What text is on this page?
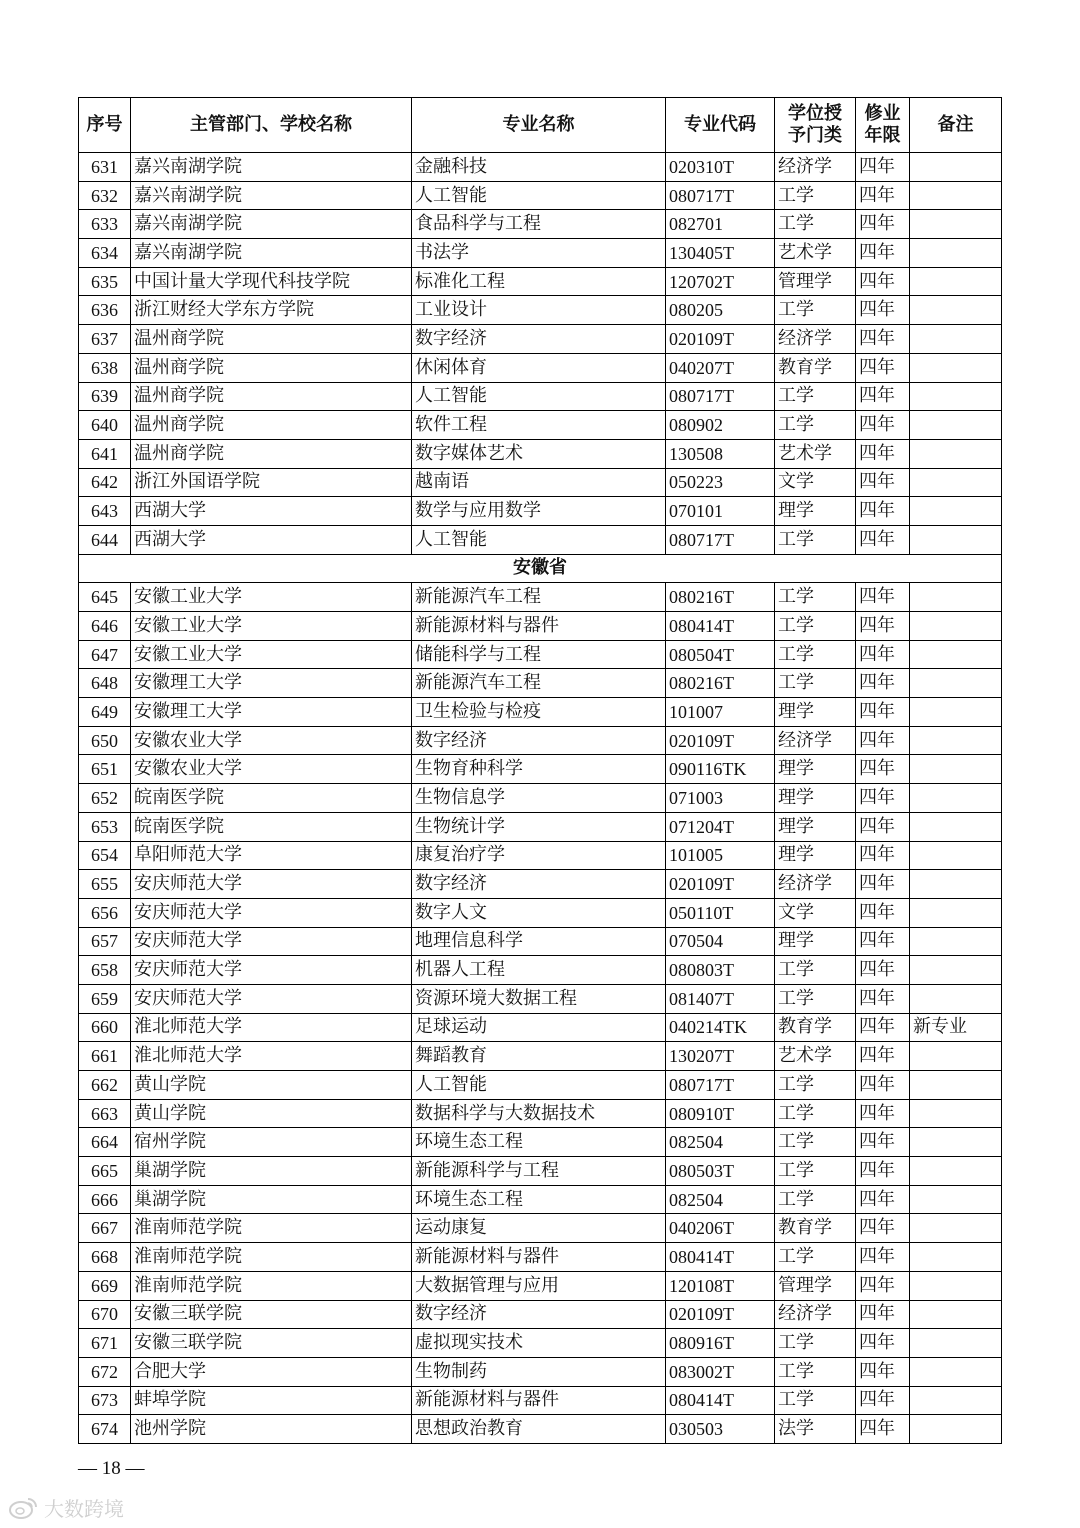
序号	主管部门、学校名称	专业名称	专业代码	学位授
予门类	修业
年限	备注
631	嘉兴南湖学院	金融科技	020310T	经济学	四年	
632	嘉兴南湖学院	人工智能	080717T	工学	四年	
633	嘉兴南湖学院	食品科学与工程	082701	工学	四年	
634	嘉兴南湖学院	书法学	130405T	艺术学	四年	
635	中国计量大学现代科技学院	标准化工程	120702T	管理学	四年	
636	浙江财经大学东方学院	工业设计	080205	工学	四年	
637	温州商学院	数字经济	020109T	经济学	四年	
638	温州商学院	休闲体育	040207T	教育学	四年	
639	温州商学院	人工智能	080717T	工学	四年	
640	温州商学院	软件工程	080902	工学	四年	
641	温州商学院	数字媒体艺术	130508	艺术学	四年	
642	浙江外国语学院	越南语	050223	文学	四年	
643	西湖大学	数学与应用数学	070101	理学	四年	
644	西湖大学	人工智能	080717T	工学	四年	
安徽省						
645	安徽工业大学	新能源汽车工程	080216T	工学	四年	
646	安徽工业大学	新能源材料与器件	080414T	工学	四年	
647	安徽工业大学	储能科学与工程	080504T	工学	四年	
648	安徽理工大学	新能源汽车工程	080216T	工学	四年	
649	安徽理工大学	卫生检验与检疫	101007	理学	四年	
650	安徽农业大学	数字经济	020109T	经济学	四年	
651	安徽农业大学	生物育种科学	090116TK	理学	四年	
652	皖南医学院	生物信息学	071003	理学	四年	
653	皖南医学院	生物统计学	071204T	理学	四年	
654	阜阳师范大学	康复治疗学	101005	理学	四年	
655	安庆师范大学	数字经济	020109T	经济学	四年	
656	安庆师范大学	数字人文	050110T	文学	四年	
657	安庆师范大学	地理信息科学	070504	理学	四年	
658	安庆师范大学	机器人工程	080803T	工学	四年	
659	安庆师范大学	资源环境大数据工程	081407T	工学	四年	
660	淮北师范大学	足球运动	040214TK	教育学	四年	新专业
661	淮北师范大学	舞蹈教育	130207T	艺术学	四年	
662	黄山学院	人工智能	080717T	工学	四年	
663	黄山学院	数据科学与大数据技术	080910T	工学	四年	
664	宿州学院	环境生态工程	082504	工学	四年	
665	巢湖学院	新能源科学与工程	080503T	工学	四年	
666	巢湖学院	环境生态工程	082504	工学	四年	
667	淮南师范学院	运动康复	040206T	教育学	四年	
668	淮南师范学院	新能源材料与器件	080414T	工学	四年	
669	淮南师范学院	大数据管理与应用	120108T	管理学	四年	
670	安徽三联学院	数字经济	020109T	经济学	四年	
671	安徽三联学院	虚拟现实技术	080916T	工学	四年	
672	合肥大学	生物制药	083002T	工学	四年	
673	蚌埠学院	新能源材料与器件	080414T	工学	四年	
674	池州学院	思想政治教育	030503	法学	四年	
— 18 —
大数跨境
